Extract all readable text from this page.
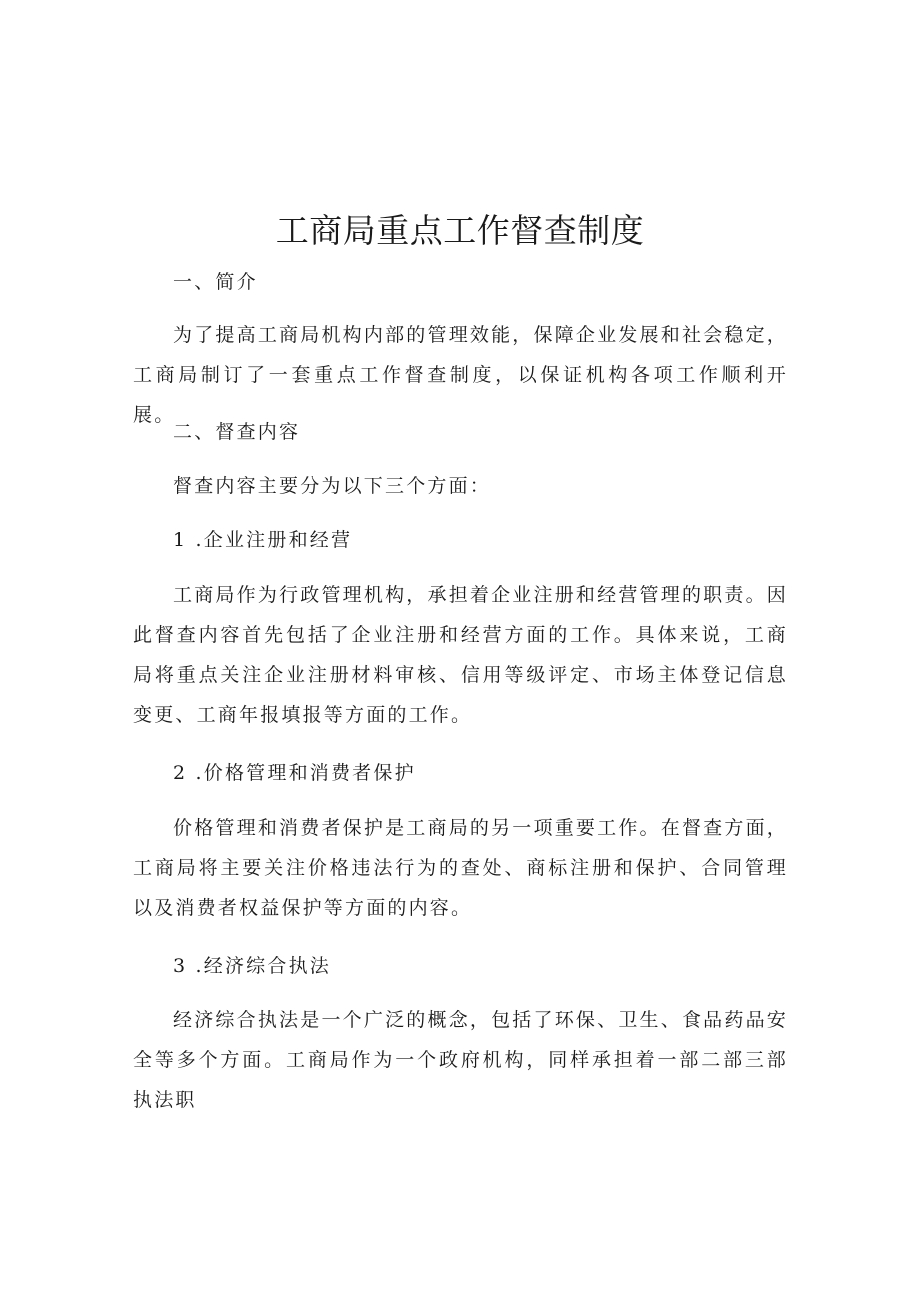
工商局重点工作督查制度

一、简介

为了提高工商局机构内部的管理效能，保障企业发展和社会稳定，工商局制订了一套重点工作督查制度，以保证机构各项工作顺利开展。

二、督查内容

督查内容主要分为以下三个方面：

1 .企业注册和经营

工商局作为行政管理机构，承担着企业注册和经营管理的职责。因此督查内容首先包括了企业注册和经营方面的工作。具体来说，工商局将重点关注企业注册材料审核、信用等级评定、市场主体登记信息变更、工商年报填报等方面的工作。

2 .价格管理和消费者保护

价格管理和消费者保护是工商局的另一项重要工作。在督查方面，工商局将主要关注价格违法行为的查处、商标注册和保护、合同管理以及消费者权益保护等方面的内容。

3 .经济综合执法

经济综合执法是一个广泛的概念，包括了环保、卫生、食品药品安全等多个方面。工商局作为一个政府机构，同样承担着一部二部三部执法职
